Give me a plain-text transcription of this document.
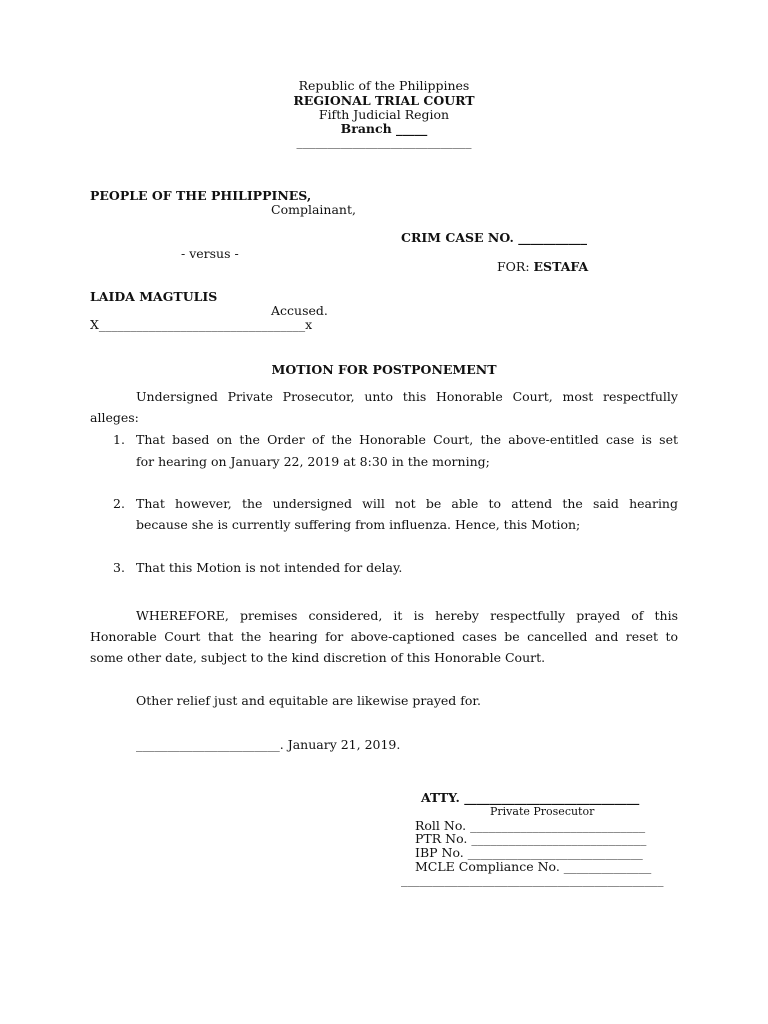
Republic of the Philippines
REGIONAL TRIAL COURT
Fifth Judicial Region
Branch _____
____________________________
PEOPLE OF THE PHILIPPINES,
Complainant,
CRIM CASE NO. ___________
- versus -
FOR: ESTAFA
LAIDA MAGTULIS
Accused.
X_________________________________x
MOTION FOR POSTPONEMENT
Undersigned Private Prosecutor, unto this Honorable Court, most respectfully
alleges:
1. That based on the Order of the Honorable Court, the above-entitled case is set
for hearing on January 22, 2019 at 8:30 in the morning;
2. That however, the undersigned will not be able to attend the said hearing
because she is currently suffering from influenza. Hence, this Motion;
3. That this Motion is not intended for delay.
WHEREFORE, premises considered, it is hereby respectfully prayed of this
Honorable Court that the hearing for above-captioned cases be cancelled and reset to
some other date, subject to the kind discretion of this Honorable Court.
Other relief just and equitable are likewise prayed for.
_______________________. January 21, 2019.
ATTY. ____________________________
Private Prosecutor
Roll No. ____________________________
PTR No. ____________________________
IBP No. ____________________________
MCLE Compliance No. ______________
__________________________________________
